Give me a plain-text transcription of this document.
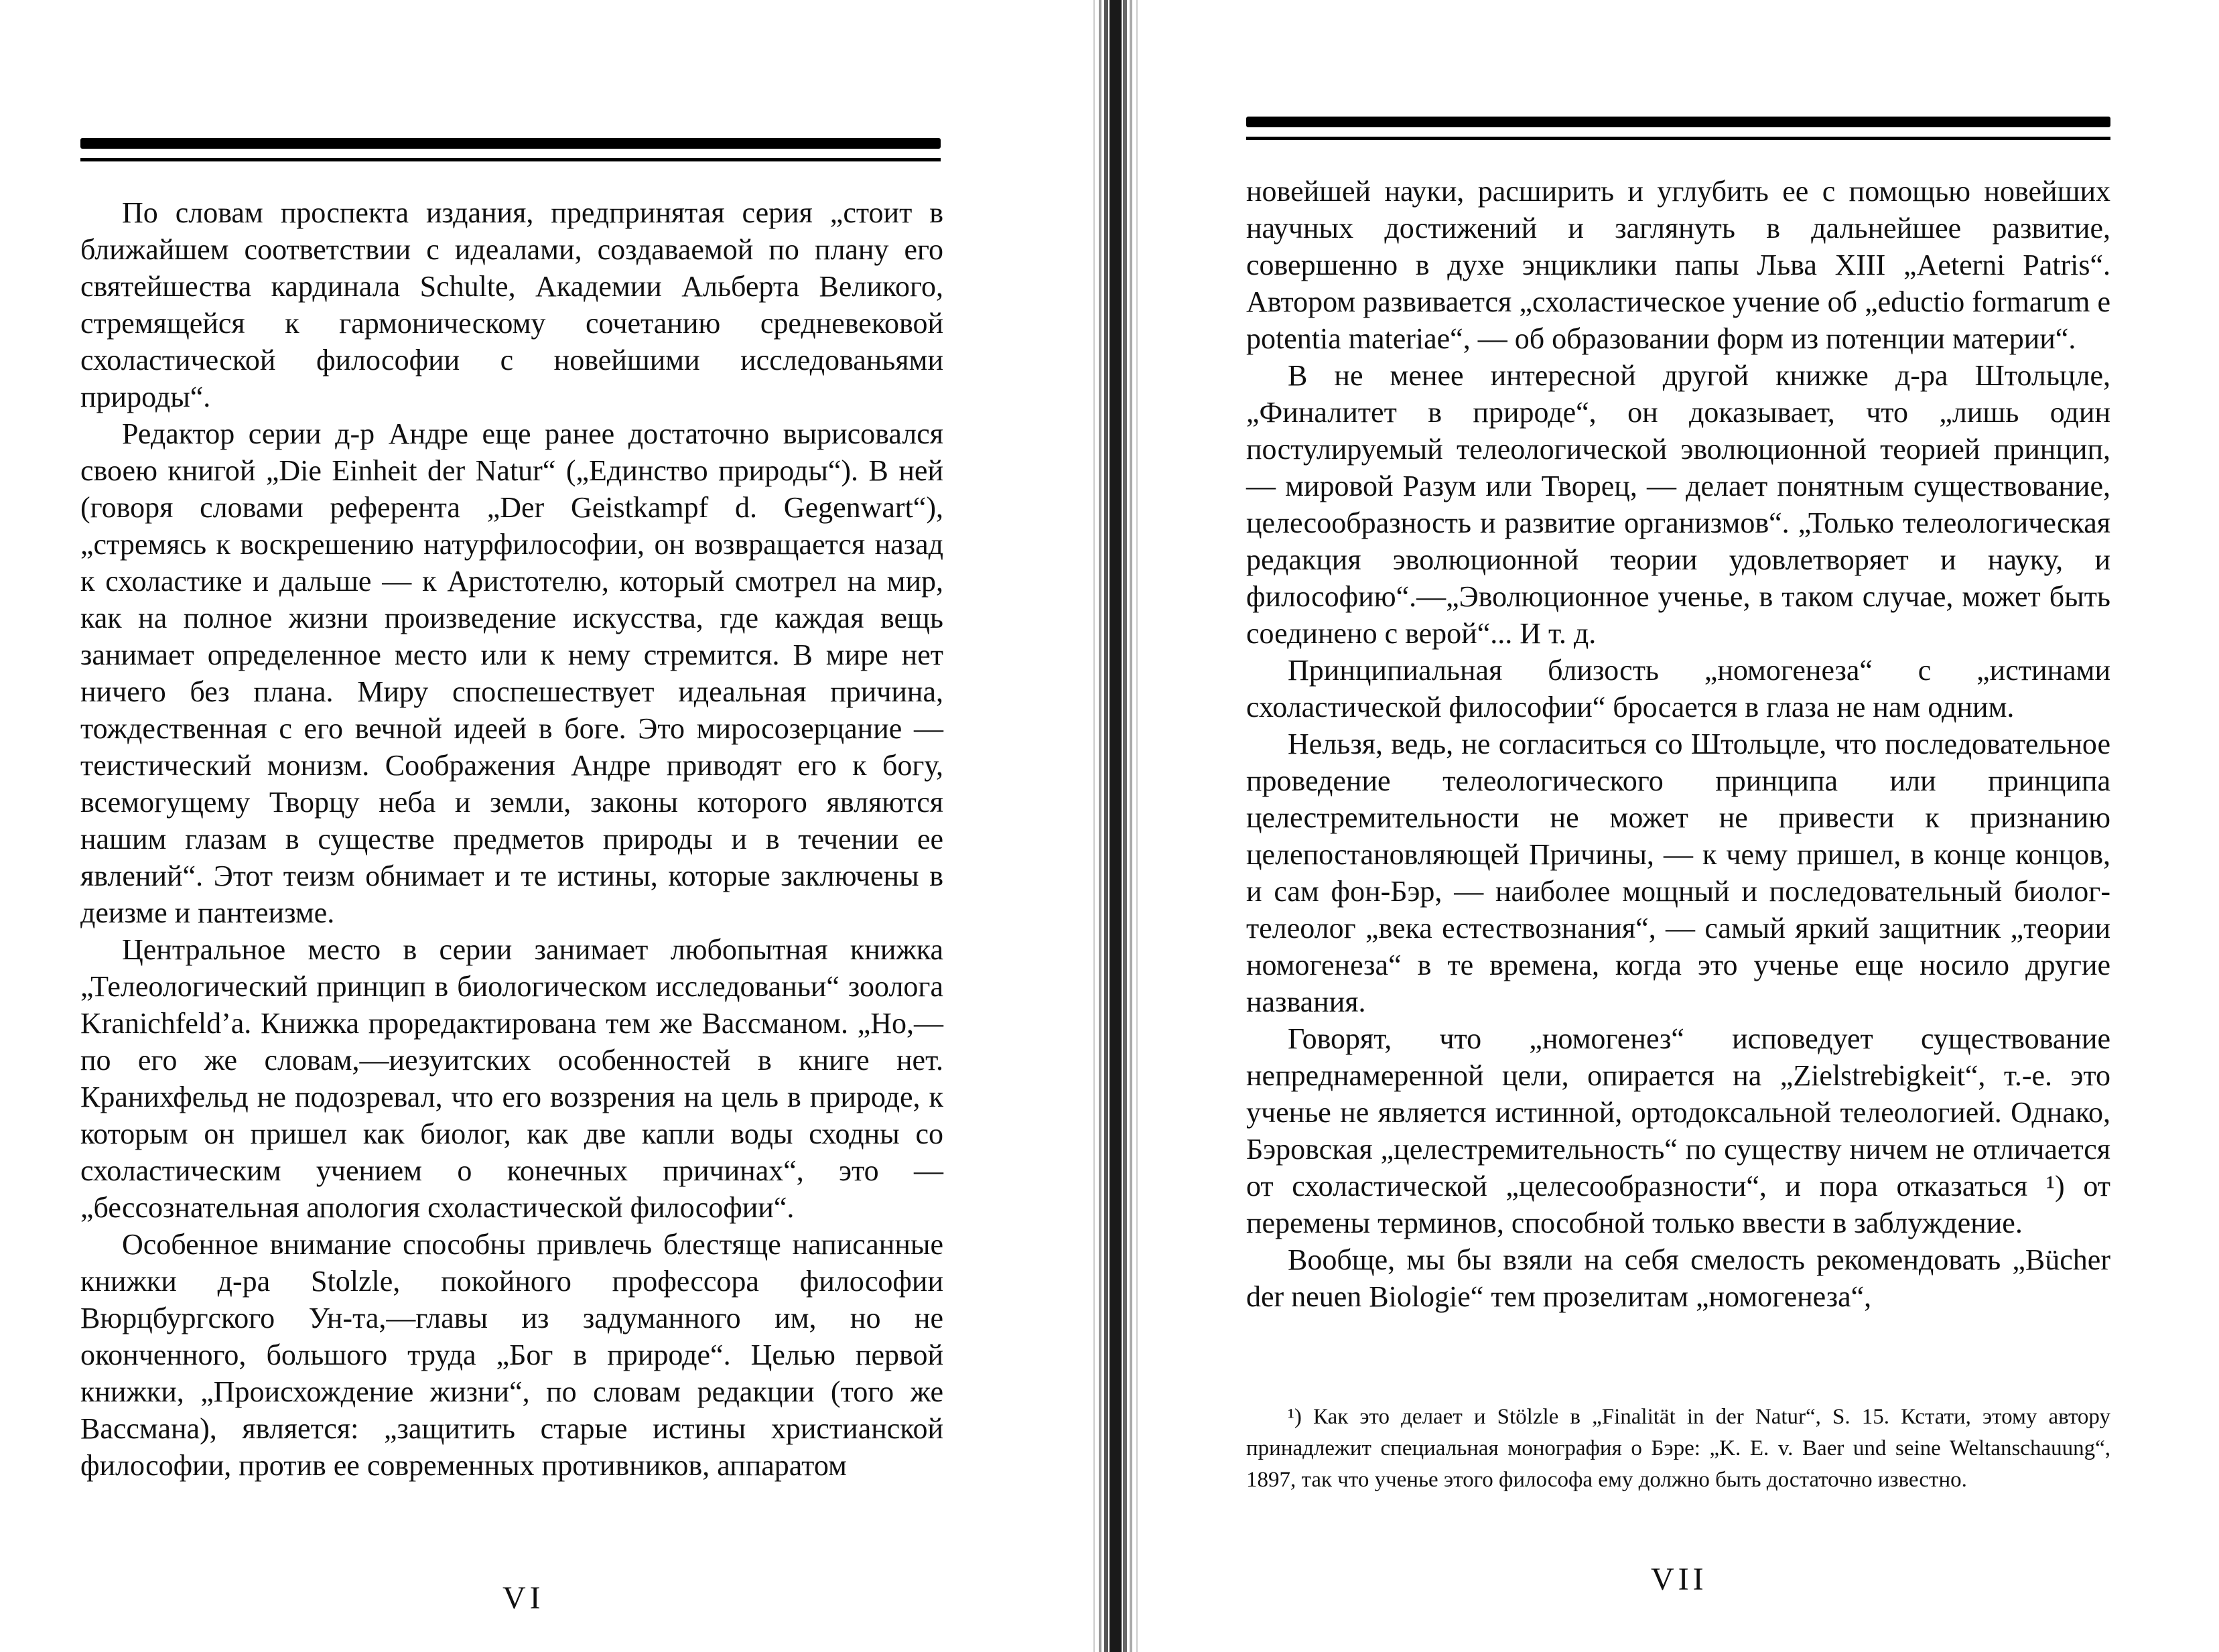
По словам проспекта издания, предпринятая серия „стоит в ближайшем соответствии с идеалами, создаваемой по плану его святейшества кардинала Schulte, Академии Альберта Великого, стремящейся к гармоническому сочетанию средневековой схоластической философии с новейшими исследованьями природы“.

Редактор серии д-р Андре еще ранее достаточно вырисовался своею книгой „Die Einheit der Natur“ („Единство природы“). В ней (говоря словами референта „Der Geistkampf d. Gegenwart“), „стремясь к воскрешению натурфилософии, он возвращается назад к схоластике и дальше — к Аристотелю, который смотрел на мир, как на полное жизни произведение искусства, где каждая вещь занимает определенное место или к нему стремится. В мире нет ничего без плана. Миру споспешествует идеальная причина, тождественная с его вечной идеей в боге. Это миросозерцание — теистический монизм. Соображения Андре приводят его к богу, всемогущему Творцу неба и земли, законы которого являются нашим глазам в существе предметов природы и в течении ее явлений“. Этот теизм обнимает и те истины, которые заключены в деизме и пантеизме.

Центральное место в серии занимает любопытная книжка „Телеологический принцип в биологическом исследованьи“ зоолога Kranichfeld’а. Книжка проредактирована тем же Вассманом. „Но,—по его же словам,—иезуитских особенностей в книге нет. Кранихфельд не подозревал, что его воззрения на цель в природе, к которым он пришел как биолог, как две капли воды сходны со схоластическим учением о конечных причинах“, это — „бессознательная апология схоластической философии“.

Особенное внимание способны привлечь блестяще написанные книжки д-ра Stolzle, покойного профессора философии Вюрцбургского Ун-та,—главы из задуманного им, но не оконченного, большого труда „Бог в природе“. Целью первой книжки, „Происхождение жизни“, по словам редакции (того же Вассмана), является: „защитить старые истины христианской философии, против ее современных противников, аппаратом

VI

новейшей науки, расширить и углубить ее с помощью новейших научных достижений и заглянуть в дальнейшее развитие, совершенно в духе энциклики папы Льва XIII „Aeterni Patris“. Автором развивается „схоластическое учение об „eductio formarum e potentia materiae“, — об образовании форм из потенции материи“.

В не менее интересной другой книжке д-ра Штольцле, „Финалитет в природе“, он доказывает, что „лишь один постулируемый телеологической эволюционной теорией принцип, — мировой Разум или Творец, — делает понятным существование, целесообразность и развитие организмов“. „Только телеологическая редакция эволюционной теории удовлетворяет и науку, и философию“.—„Эволюционное ученье, в таком случае, может быть соединено с верой“... И т. д.

Принципиальная близость „номогенеза“ с „истинами схоластической философии“ бросается в глаза не нам одним.

Нельзя, ведь, не согласиться со Штольцле, что последовательное проведение телеологического принципа или принципа целестремительности не может не привести к признанию целепостановляющей Причины, — к чему пришел, в конце концов, и сам фон-Бэр, — наиболее мощный и последовательный биолог-телеолог „века естествознания“, — самый яркий защитник „теории номогенеза“ в те времена, когда это ученье еще носило другие названия.

Говорят, что „номогенез“ исповедует существование непреднамеренной цели, опирается на „Zielstrebigkeit“, т.-е. это ученье не является истинной, ортодоксальной телеологией. Однако, Бэровская „целестремительность“ по существу ничем не отличается от схоластической „целесообразности“, и пора отказаться ¹) от перемены терминов, способной только ввести в заблуждение.

Вообще, мы бы взяли на себя смелость рекомендовать „Bücher der neuen Biologie“ тем прозелитам „номогенеза“,

¹) Как это делает и Stölzle в „Finalität in der Natur“, S. 15. Кстати, этому автору принадлежит специальная монография о Бэре: „K. E. v. Baer und seine Weltanschauung“, 1897, так что ученье этого философа ему должно быть достаточно известно.

VII
